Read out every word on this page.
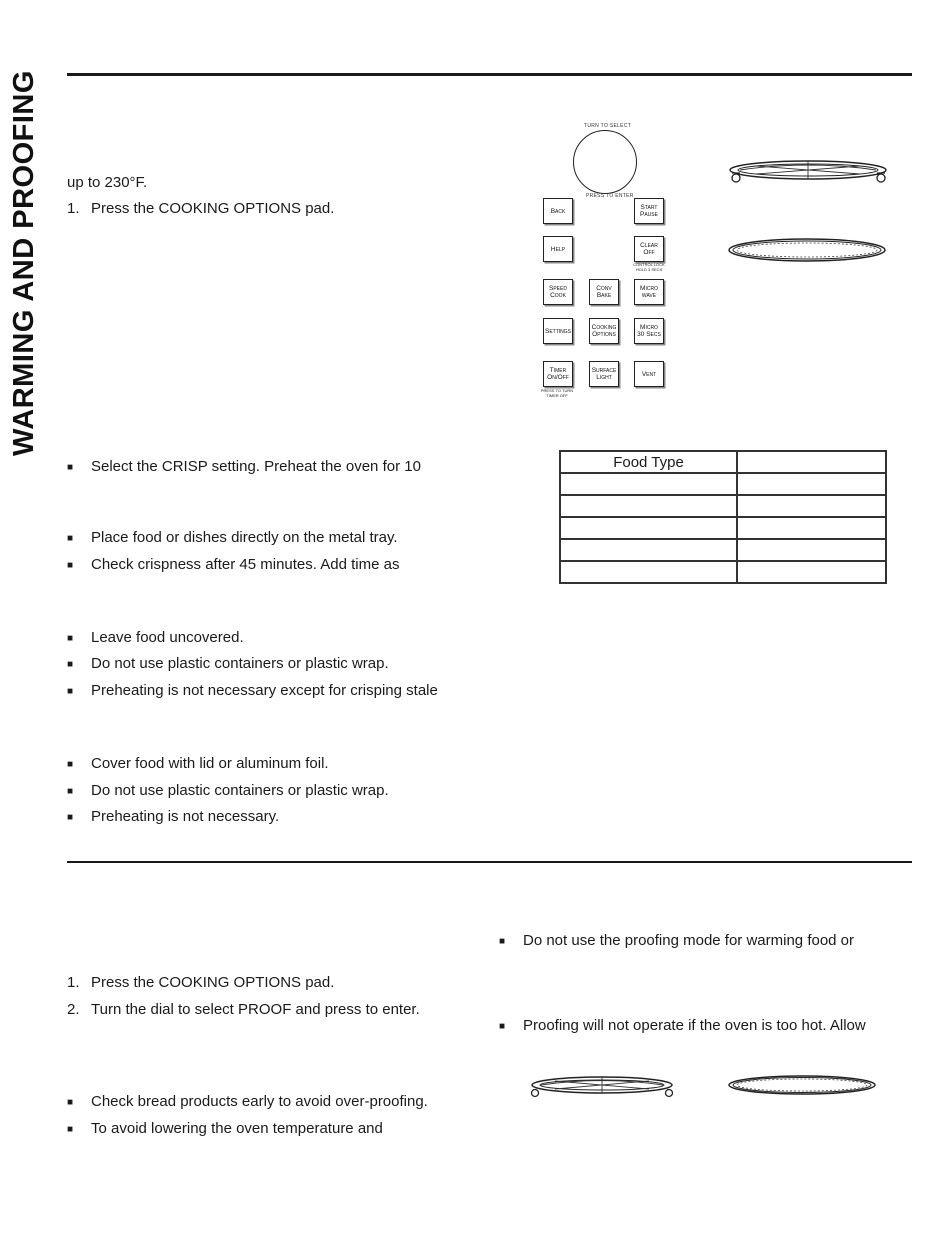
WARMING AND PROOFING up to 230°F.
1. Press the COOKING OPTIONS pad.
■ Select the CRISP setting. Preheat the oven for 10
■ Place food or dishes directly on the metal tray.
■ Check crispness after 45 minutes. Add time as
■ Leave food uncovered.
■ Do not use plastic containers or plastic wrap.
■ Preheating is not necessary except for crisping stale
■ Cover food with lid or aluminum foil.
■ Do not use plastic containers or plastic wrap.
■ Preheating is not necessary.
TURN TO SELECT
PRESS TO ENTER
Back	Start
Pause
Help	Clear
Off
CONTROL LOCK
HOLD 3 SECS
Speed
Cook
Conv
Bake
Micro
wave
Settings	Cooking
Options
Micro
30 Secs
Timer
On/Off
PRESS TO TURN
TIMER OFF
Surface
Light	Vent
Food Type	

■ Do not use the proofing mode for warming food or
■ Proofing will not operate if the oven is too hot. Allow
1. Press the COOKING OPTIONS pad.
2. Turn the dial to select PROOF and press to enter.
■ Check bread products early to avoid over-proofing.
■ To avoid lowering the oven temperature and
